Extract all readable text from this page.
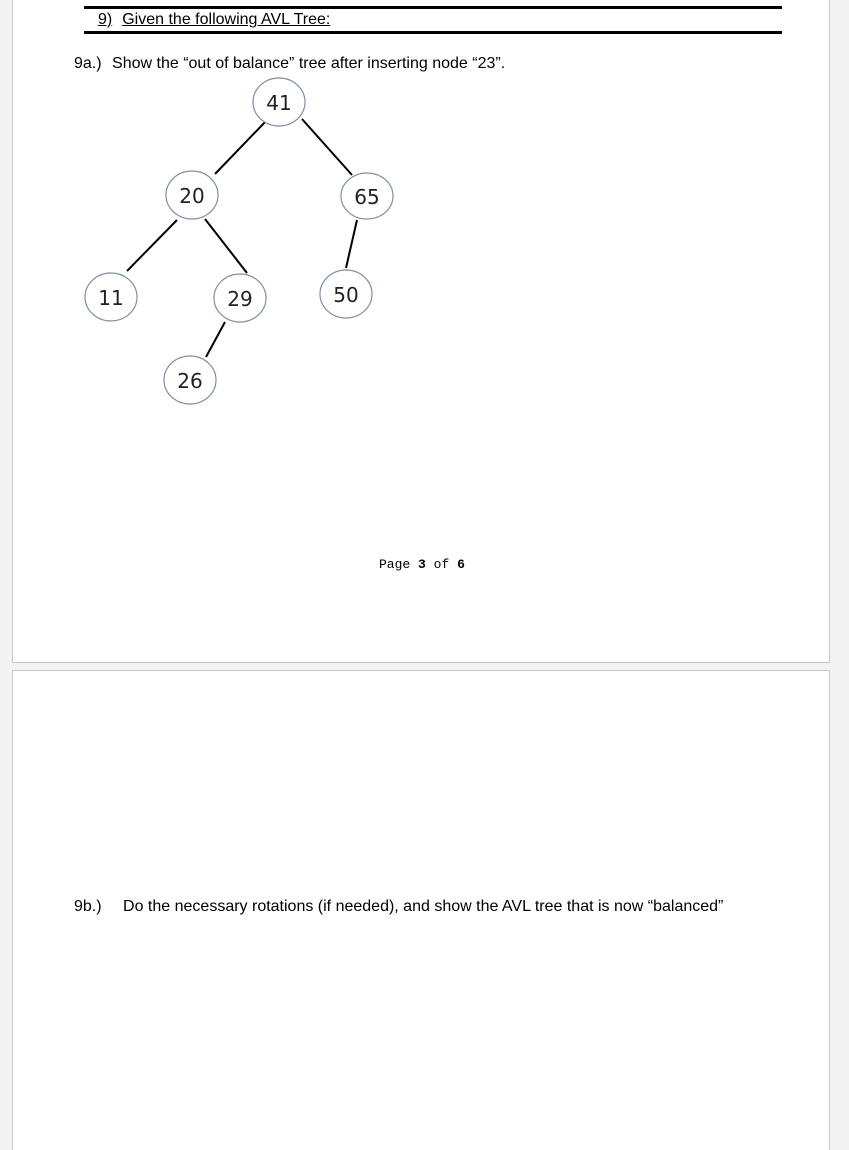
9) Given the following AVL Tree:
9a.) Show the “out of balance” tree after inserting node “23”.
41
20	65
11	29	50
26
Page 3 of 6
9b.) Do the necessary rotations (if needed), and show the AVL tree that is now “balanced”
